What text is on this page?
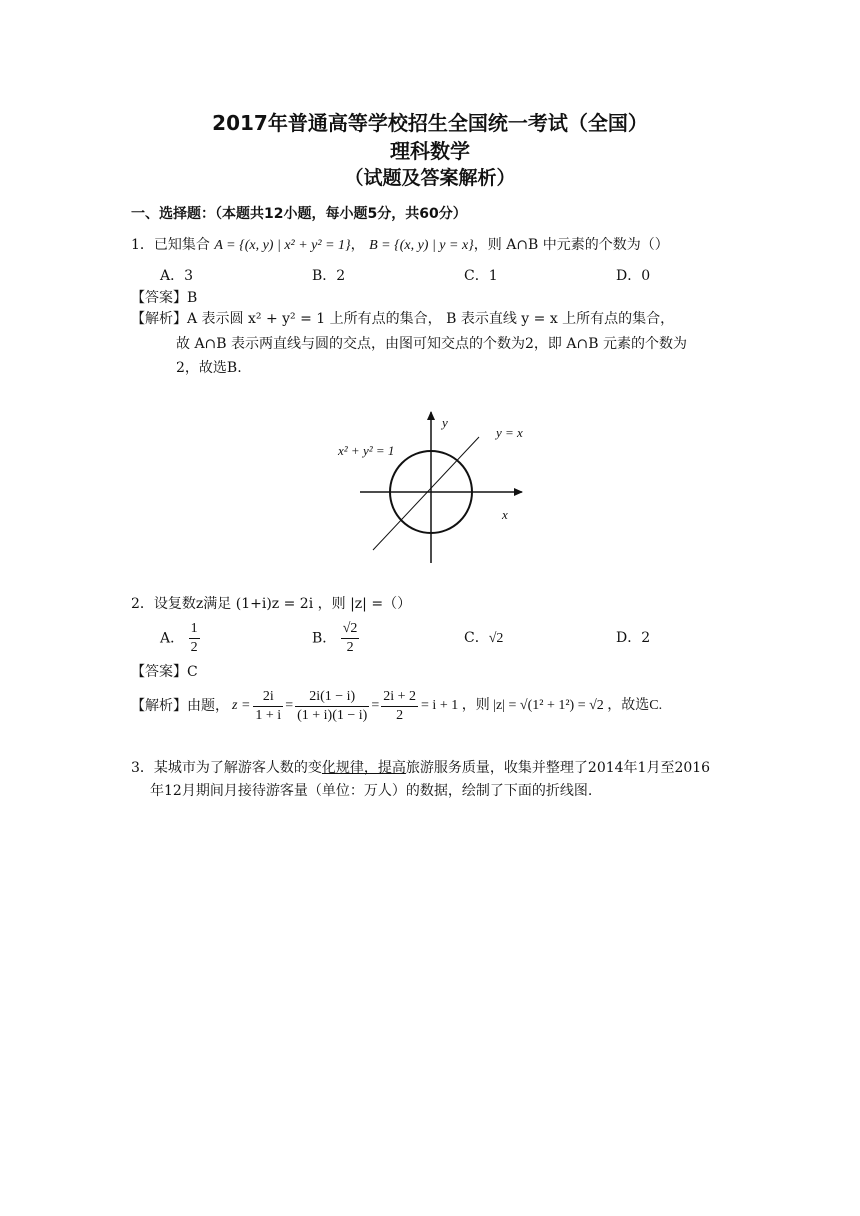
2017年普通高等学校招生全国统一考试（全国）
理科数学
（试题及答案解析）
一、选择题：（本题共12小题，每小题5分，共60分）
1．已知集合 A = {(x, y) | x² + y² = 1}， B = {(x, y) | y = x}，则 A∩B 中元素的个数为（）
A．3	B．2	C．1	D．0
【答案】B
【解析】A 表示圆 x² + y² = 1 上所有点的集合， B 表示直线 y = x 上所有点的集合，
故 A∩B 表示两直线与圆的交点，由图可知交点的个数为2，即 A∩B 元素的个数为
2，故选B.
x² + y² = 1
y = x
x
y
2．设复数z满足 (1+i)z = 2i ，则 |z| =（）
A． $\frac{1}{2}$	B． $\frac{√2}{2}$	C．√2	D．2
【答案】C
【解析】 由题， $z = \frac{2i}{1 + i} = \frac{2i(1 - i)}{(1 + i)(1 - i)} = \frac{2i + 2}{2} = i + 1$ ，则 |z| = √(1² + 1²) = √2 ，故选C.
3．某城市为了解游客人数的变化规律，提高旅游服务质量，收集并整理了2014年1月至2016
年12月期间月接待游客量（单位：万人）的数据，绘制了下面的折线图.
